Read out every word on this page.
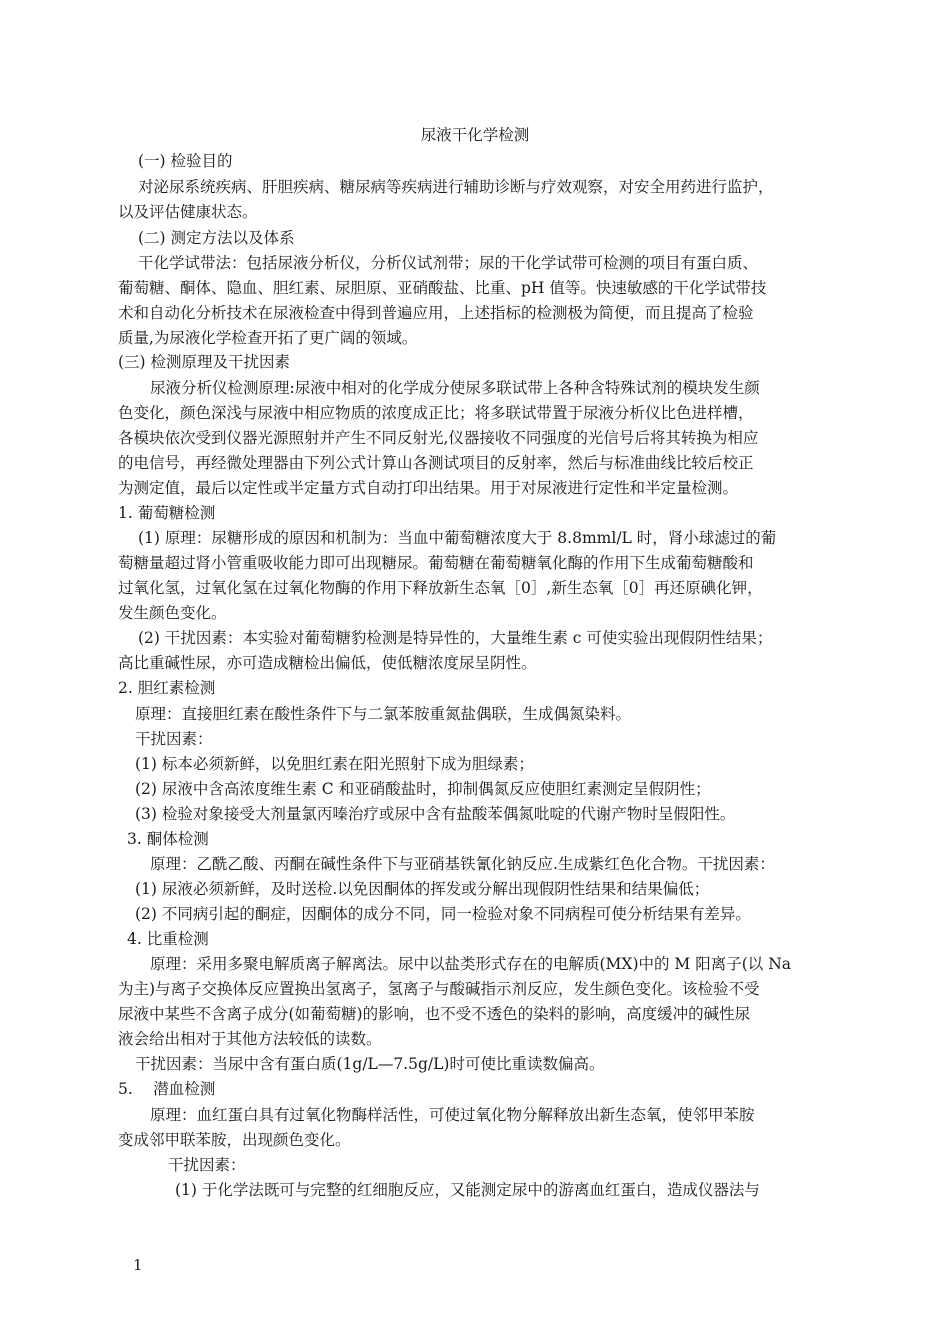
尿液干化学检测
(一) 检验目的
对泌尿系统疾病、肝胆疾病、糖尿病等疾病进行辅助诊断与疗效观察，对安全用药进行监护，
以及评估健康状态。
(二) 测定方法以及体系
干化学试带法：包括尿液分析仪，分析仪试剂带；尿的干化学试带可检测的项目有蛋白质、
葡萄糖、酮体、隐血、胆红素、尿胆原、亚硝酸盐、比重、pH 值等。快速敏感的干化学试带技
术和自动化分析技术在尿液检查中得到普遍应用，上述指标的检测极为简便，而且提高了检验
质量,为尿液化学检查开拓了更广阔的领域。
(三) 检测原理及干扰因素
尿液分析仪检测原理:尿液中相对的化学成分使尿多联试带上各种含特殊试剂的模块发生颜
色变化，颜色深浅与尿液中相应物质的浓度成正比；将多联试带置于尿液分析仪比色进样槽，
各模块依次受到仪器光源照射并产生不同反射光,仪器接收不同强度的光信号后将其转换为相应
的电信号，再经微处理器由下列公式计算山各测试项目的反射率，然后与标准曲线比较后校正
为测定值，最后以定性或半定量方式自动打印出结果。用于对尿液进行定性和半定量检测。
1. 葡萄糖检测
(1) 原理：尿糖形成的原因和机制为：当血中葡萄糖浓度大于 8.8mml/L 时，肾小球滤过的葡
萄糖量超过肾小管重吸收能力即可出现糖尿。葡萄糖在葡萄糖氧化酶的作用下生成葡萄糖酸和
过氧化氢，过氧化氢在过氧化物酶的作用下释放新生态氧［0］,新生态氧［0］再还原碘化钾，
发生颜色变化。
(2) 干扰因素：本实验对葡萄糖豹检测是特异性的，大量维生素 c 可使实验出现假阴性结果；
高比重碱性尿，亦可造成糖检出偏低，使低糖浓度尿呈阴性。
2. 胆红素检测
原理：直接胆红素在酸性条件下与二氯苯胺重氮盐偶联，生成偶氮染料。
干扰因素：
(1) 标本必须新鲜，以免胆红素在阳光照射下成为胆绿素；
(2) 尿液中含高浓度维生素 C 和亚硝酸盐时，抑制偶氮反应使胆红素测定呈假阴性；
(3) 检验对象接受大剂量氯丙嗪治疗或尿中含有盐酸苯偶氮吡啶的代谢产物时呈假阳性。
3. 酮体检测
原理：乙酰乙酸、丙酮在碱性条件下与亚硝基铁氰化钠反应.生成紫红色化合物。干扰因素：
(1) 尿液必须新鲜，及时送检.以免因酮体的挥发或分解出现假阴性结果和结果偏低；
(2) 不同病引起的酮症，因酮体的成分不同，同一检验对象不同病程可使分析结果有差异。
4. 比重检测
原理：采用多聚电解质离子解离法。尿中以盐类形式存在的电解质(MX)中的 M 阳离子(以 Na
为主)与离子交换体反应置换出氢离子，氢离子与酸碱指示剂反应，发生颜色变化。该检验不受
尿液中某些不含离子成分(如葡萄糖)的影响，也不受不透色的染料的影响，高度缓冲的碱性尿
液会给出相对于其他方法较低的读数。
干扰因素：当尿中含有蛋白质(1g/L—7.5g/L)时可使比重读数偏高。
5.　 潜血检测
原理：血红蛋白具有过氧化物酶样活性，可使过氧化物分解释放出新生态氧，使邻甲苯胺
变成邻甲联苯胺，出现颜色变化。
干扰因素：
(1) 于化学法既可与完整的红细胞反应，又能测定尿中的游离血红蛋白，造成仪器法与
1
